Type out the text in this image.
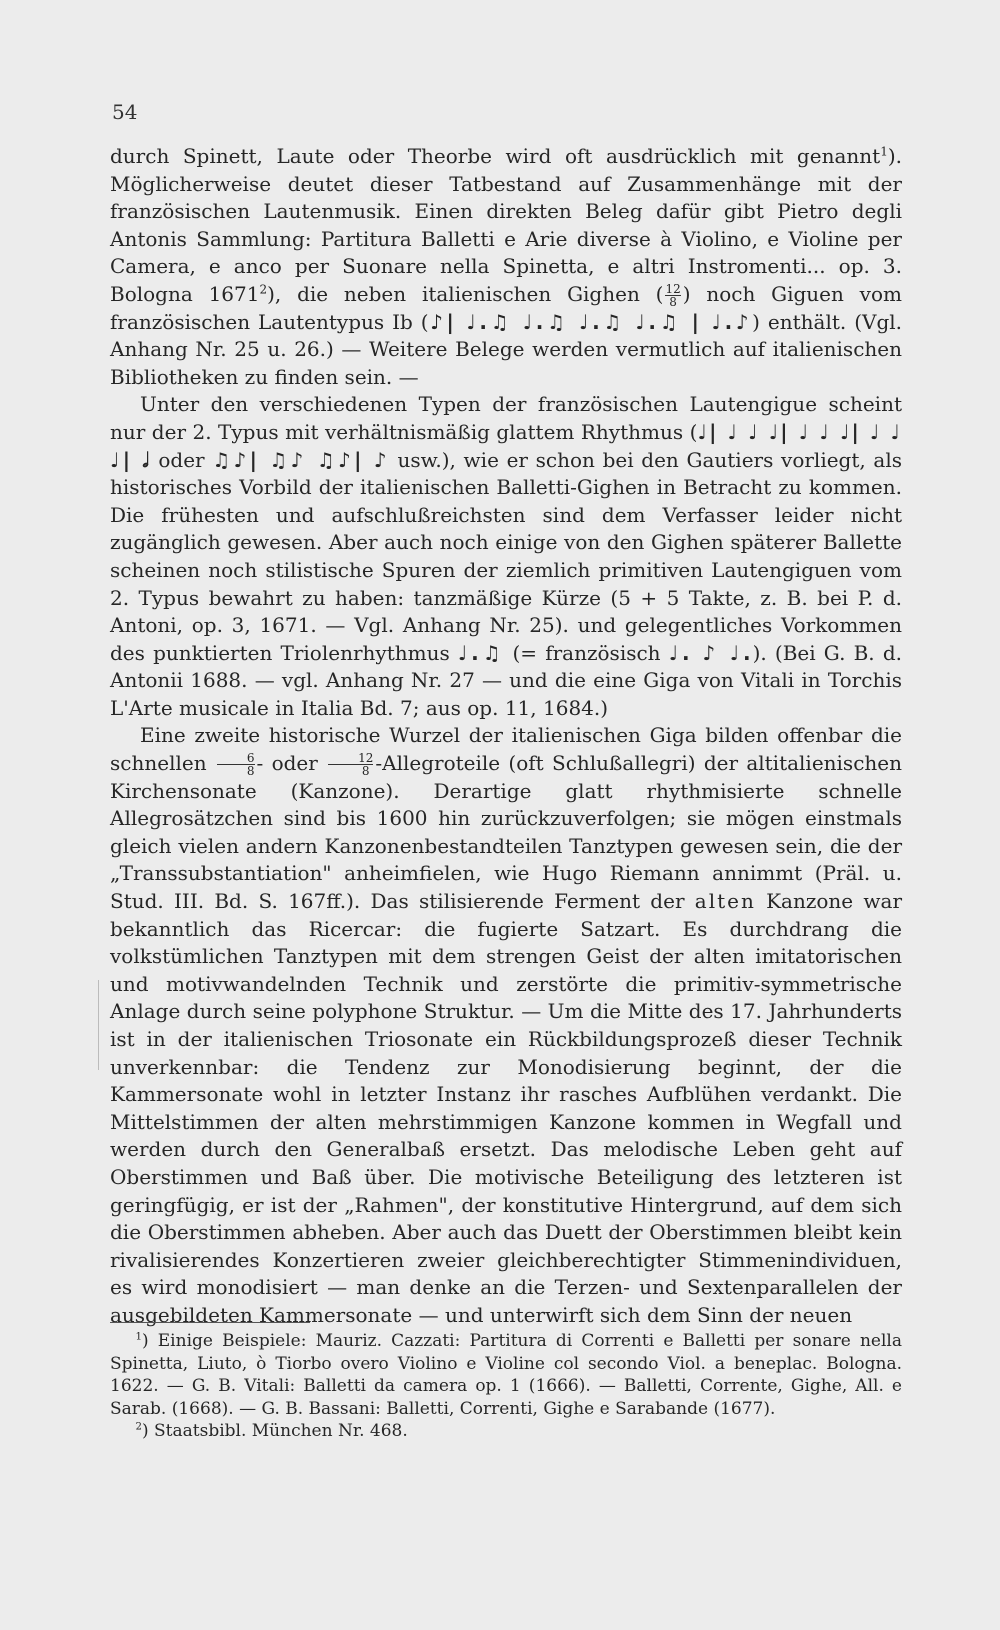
54

durch Spinett, Laute oder Theorbe wird oft ausdrücklich mit genannt$^1$). Möglicherweise deutet dieser Tatbestand auf Zusammenhänge mit der französischen Lautenmusik. Einen direkten Beleg dafür gibt Pietro degli Antonis Sammlung: Partitura Balletti e Arie diverse à Violino, e Violine per Camera, e anco per Suonare nella Spinetta, e altri Instromenti... op. 3. Bologna 1671$^2$), die neben italienischen Gighen ( $\frac{12}{8}$ ) noch Giguen vom französischen Lautentypus Ib (♪| ♩.♫ ♩.♫ ♩.♫ ♩.♫ | ♩.♪) enthält. (Vgl. Anhang Nr. 25 u. 26.) — Weitere Belege werden vermutlich auf italienischen Bibliotheken zu finden sein. —

Unter den verschiedenen Typen der französischen Lautengigue scheint nur der 2. Typus mit verhältnismäßig glattem Rhythmus (♩| ♩ ♩ ♩| ♩ ♩ ♩| ♩ ♩ ♩| 𝅗𝅥 oder ♫♪| ♫♪ ♫♪| ♪ usw.), wie er schon bei den Gautiers vorliegt, als historisches Vorbild der italienischen Balletti-Gighen in Betracht zu kommen. Die frühesten und aufschlußreichsten sind dem Verfasser leider nicht zugänglich gewesen. Aber auch noch einige von den Gighen späterer Ballette scheinen noch stilistische Spuren der ziemlich primitiven Lautengiguen vom 2. Typus bewahrt zu haben: tanzmäßige Kürze (5 + 5 Takte, z. B. bei P. d. Antoni, op. 3, 1671. — Vgl. Anhang Nr. 25). und gelegentliches Vorkommen des punktierten Triolenrhythmus ♩.♫ (= französisch ♩. ♪ ♩.). (Bei G. B. d. Antonii 1688. — vgl. Anhang Nr. 27 — und die eine Giga von Vitali in Torchis L'Arte musicale in Italia Bd. 7; aus op. 11, 1684.)

Eine zweite historische Wurzel der italienischen Giga bilden offenbar die schnellen $\frac{6}{8}$ - oder $\frac{12}{8}$ -Allegroteile (oft Schlußallegri) der altitalienischen Kirchensonate (Kanzone). Derartige glatt rhythmisierte schnelle Allegrosätzchen sind bis 1600 hin zurückzuverfolgen; sie mögen einstmals gleich vielen andern Kanzonenbestandteilen Tanztypen gewesen sein, die der „Transsubstantiation" anheimfielen, wie Hugo Riemann annimmt (Präl. u. Stud. III. Bd. S. 167ff.). Das stilisierende Ferment der alten Kanzone war bekanntlich das Ricercar: die fugierte Satzart. Es durchdrang die volkstümlichen Tanztypen mit dem strengen Geist der alten imitatorischen und motivwandelnden Technik und zerstörte die primitiv-symmetrische Anlage durch seine polyphone Struktur. — Um die Mitte des 17. Jahrhunderts ist in der italienischen Triosonate ein Rückbildungsprozeß dieser Technik unverkennbar: die Tendenz zur Monodisierung beginnt, der die Kammersonate wohl in letzter Instanz ihr rasches Aufblühen verdankt. Die Mittelstimmen der alten mehrstimmigen Kanzone kommen in Wegfall und werden durch den Generalbaß ersetzt. Das melodische Leben geht auf Oberstimmen und Baß über. Die motivische Beteiligung des letzteren ist geringfügig, er ist der „Rahmen", der konstitutive Hintergrund, auf dem sich die Oberstimmen abheben. Aber auch das Duett der Oberstimmen bleibt kein rivalisierendes Konzertieren zweier gleichberechtigter Stimmenindividuen, es wird monodisiert — man denke an die Terzen- und Sextenparallelen der ausgebildeten Kammersonate — und unterwirft sich dem Sinn der neuen

$^1$) Einige Beispiele: Mauriz. Cazzati: Partitura di Correnti e Balletti per sonare nella Spinetta, Liuto, ò Tiorbo overo Violino e Violine col secondo Viol. a beneplac. Bologna. 1622. — G. B. Vitali: Balletti da camera op. 1 (1666). — Balletti, Corrente, Gighe, All. e Sarab. (1668). — G. B. Bassani: Balletti, Correnti, Gighe e Sarabande (1677).

$^2$) Staatsbibl. München Nr. 468.
